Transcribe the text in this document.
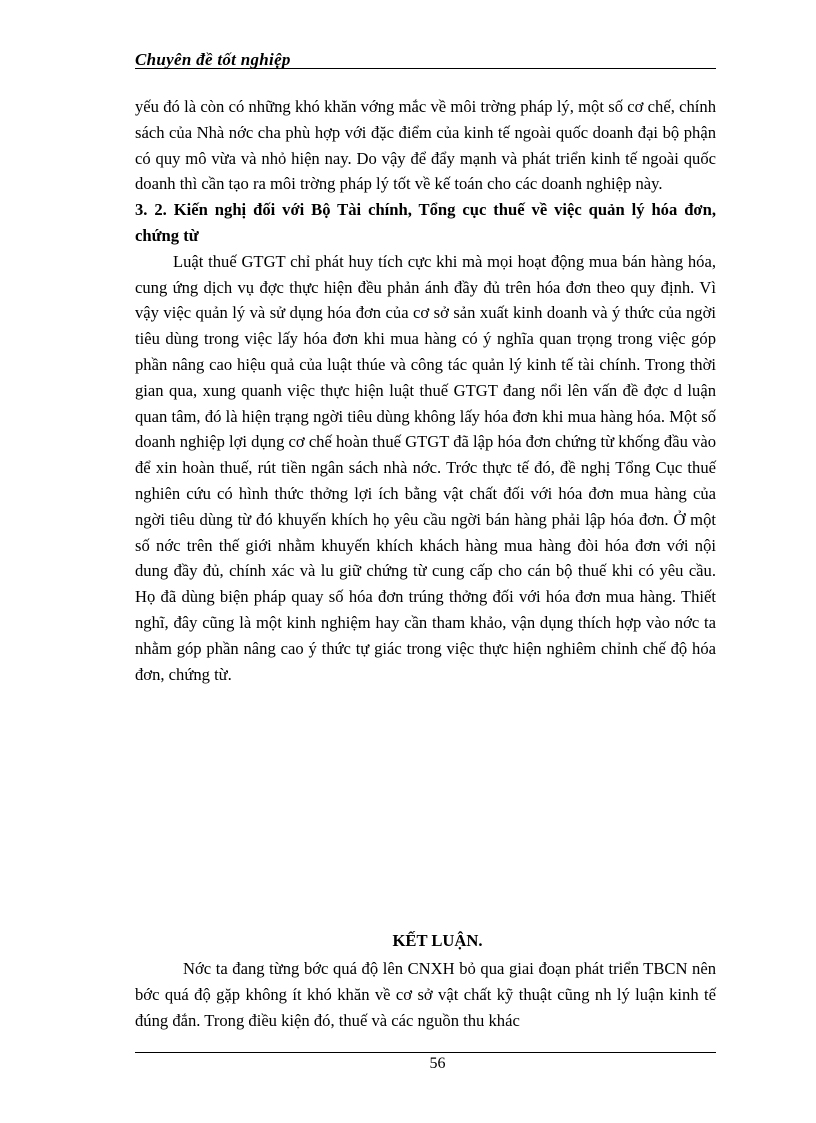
Chuyên đề tốt nghiệp

yếu đó là còn có những khó khăn vớng mắc về môi trờng pháp lý, một số cơ chế, chính sách của Nhà nớc cha phù hợp với đặc điểm của kinh tế ngoài quốc doanh đại bộ phận có quy mô vừa và nhỏ hiện nay. Do vậy để đẩy mạnh và phát triển kinh tế ngoài quốc doanh thì cần tạo ra môi trờng pháp lý tốt về kế toán cho các doanh nghiệp này.

3. 2. Kiến nghị đối với Bộ Tài chính, Tổng cục thuế về việc quản lý hóa đơn, chứng từ

Luật thuế GTGT chỉ phát huy tích cực khi mà mọi hoạt động mua bán hàng hóa, cung ứng dịch vụ đợc thực hiện đều phản ánh đầy đủ trên hóa đơn theo quy định. Vì vậy việc quản lý và sử dụng hóa đơn của cơ sở sản xuất kinh doanh và ý thức của ngời tiêu dùng trong việc lấy hóa đơn khi mua hàng có ý nghĩa quan trọng trong việc góp phần nâng cao hiệu quả của luật thúe và công tác quản lý kinh tế tài chính. Trong thời gian qua, xung quanh việc thực hiện luật thuế GTGT đang nổi lên vấn đề đợc d luận quan tâm, đó là hiện trạng ngời tiêu dùng không lấy hóa đơn khi mua hàng hóa. Một số doanh nghiệp lợi dụng cơ chế hoàn thuế GTGT đã lập hóa đơn chứng từ khống đầu vào để xin hoàn thuế, rút tiền ngân sách nhà nớc. Trớc thực tế đó, đề nghị Tổng Cục thuế nghiên cứu có hình thức thởng lợi ích bằng vật chất đối với hóa đơn mua hàng của ngời tiêu dùng từ đó khuyến khích họ yêu cầu ngời bán hàng phải lập hóa đơn. Ở một số nớc trên thế giới nhằm khuyến khích khách hàng mua hàng đòi hóa đơn với nội dung đầy đủ, chính xác và lu giữ chứng từ cung cấp cho cán bộ thuế khi có yêu cầu. Họ đã dùng biện pháp quay số hóa đơn trúng thởng đối với hóa đơn mua hàng. Thiết nghĩ, đây cũng là một kinh nghiệm hay cần tham khảo, vận dụng thích hợp vào nớc ta nhằm góp phần nâng cao ý thức tự giác trong việc thực hiện nghiêm chỉnh chế độ hóa đơn, chứng từ.

KẾT LUẬN.

Nớc ta đang từng bớc quá độ lên CNXH bỏ qua giai đoạn phát triển TBCN nên bớc quá độ gặp không ít khó khăn về cơ sở vật chất kỹ thuật cũng nh lý luận kinh tế đúng đắn. Trong điều kiện đó, thuế và các nguồn thu khác

56
